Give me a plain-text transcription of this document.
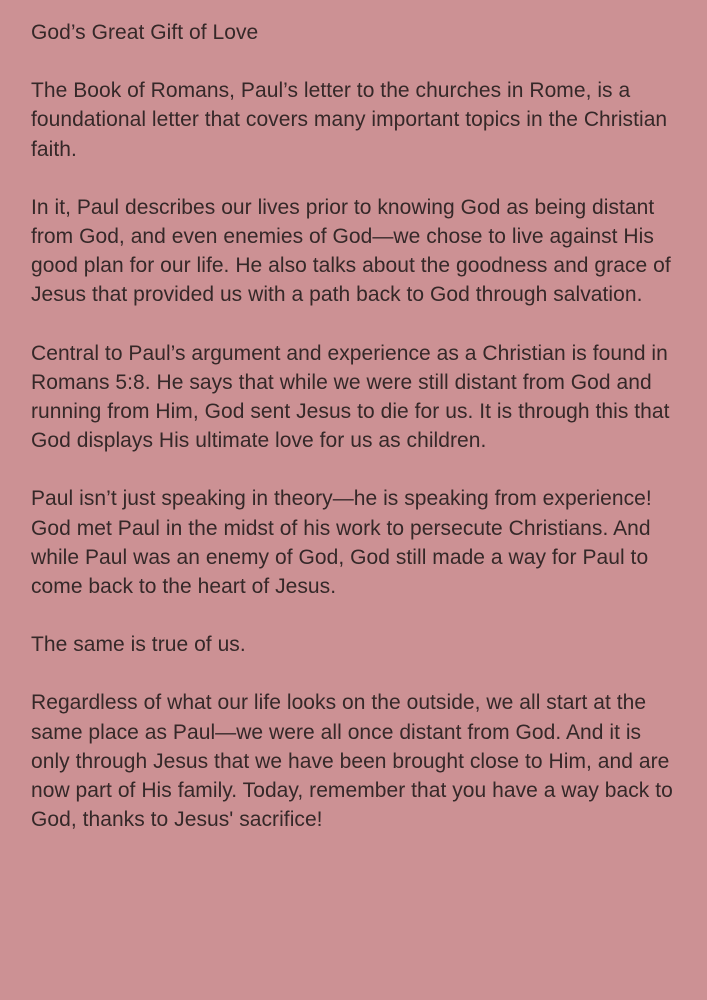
God’s Great Gift of Love

The Book of Romans, Paul’s letter to the churches in Rome, is a foundational letter that covers many important topics in the Christian faith.

In it, Paul describes our lives prior to knowing God as being distant from God, and even enemies of God—we chose to live against His good plan for our life. He also talks about the goodness and grace of Jesus that provided us with a path back to God through salvation.

Central to Paul’s argument and experience as a Christian is found in Romans 5:8. He says that while we were still distant from God and running from Him, God sent Jesus to die for us. It is through this that God displays His ultimate love for us as children.

Paul isn’t just speaking in theory—he is speaking from experience! God met Paul in the midst of his work to persecute Christians. And while Paul was an enemy of God, God still made a way for Paul to come back to the heart of Jesus.

The same is true of us.

Regardless of what our life looks on the outside, we all start at the same place as Paul—we were all once distant from God. And it is only through Jesus that we have been brought close to Him, and are now part of His family. Today, remember that you have a way back to God, thanks to Jesus' sacrifice!
